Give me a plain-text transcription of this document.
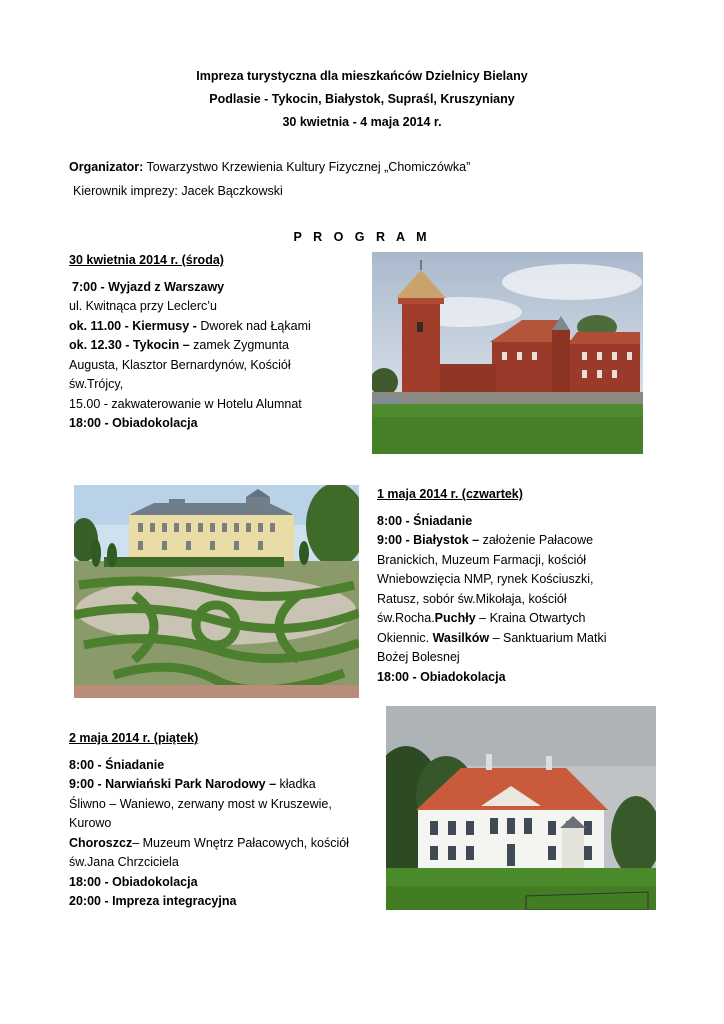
Impreza turystyczna dla mieszkańców Dzielnicy Bielany
Podlasie - Tykocin, Białystok, Supraśl, Kruszyniany
30 kwietnia - 4 maja 2014 r.
Organizator: Towarzystwo Krzewienia Kultury Fizycznej „Chomiczówka”
Kierownik imprezy: Jacek Bączkowski
P R O G R A M

30 kwietnia 2014 r. (środa)

7:00 - Wyjazd z Warszawy

ul. Kwitnąca przy Leclerc’u

ok. 11.00 - Kiermusy - Dworek nad Łąkami

ok. 12.30 - Tykocin – zamek Zygmunta

Augusta, Klasztor Bernardynów, Kościół

św.Trójcy,

15.00 - zakwaterowanie w Hotelu Alumnat

18:00 - Obiadokolacja

1 maja 2014 r. (czwartek)

8:00 - Śniadanie

9:00 - Białystok – założenie Pałacowe

Branickich, Muzeum Farmacji, kościół

Wniebowzięcia NMP, rynek Kościuszki,

Ratusz, sobór św.Mikołaja, kościół

św.Rocha.Puchły – Kraina Otwartych

Okiennic. Wasilków – Sanktuarium Matki

Bożej Bolesnej

18:00 - Obiadokolacja

2 maja 2014 r. (piątek)

8:00 - Śniadanie

9:00 - Narwiański Park Narodowy – kładka

Śliwno – Waniewo, zerwany most w Kruszewie,

Kurowo

Choroszcz– Muzeum Wnętrz Pałacowych, kościół

św.Jana Chrzciciela

18:00 - Obiadokolacja

20:00 - Impreza integracyjna
